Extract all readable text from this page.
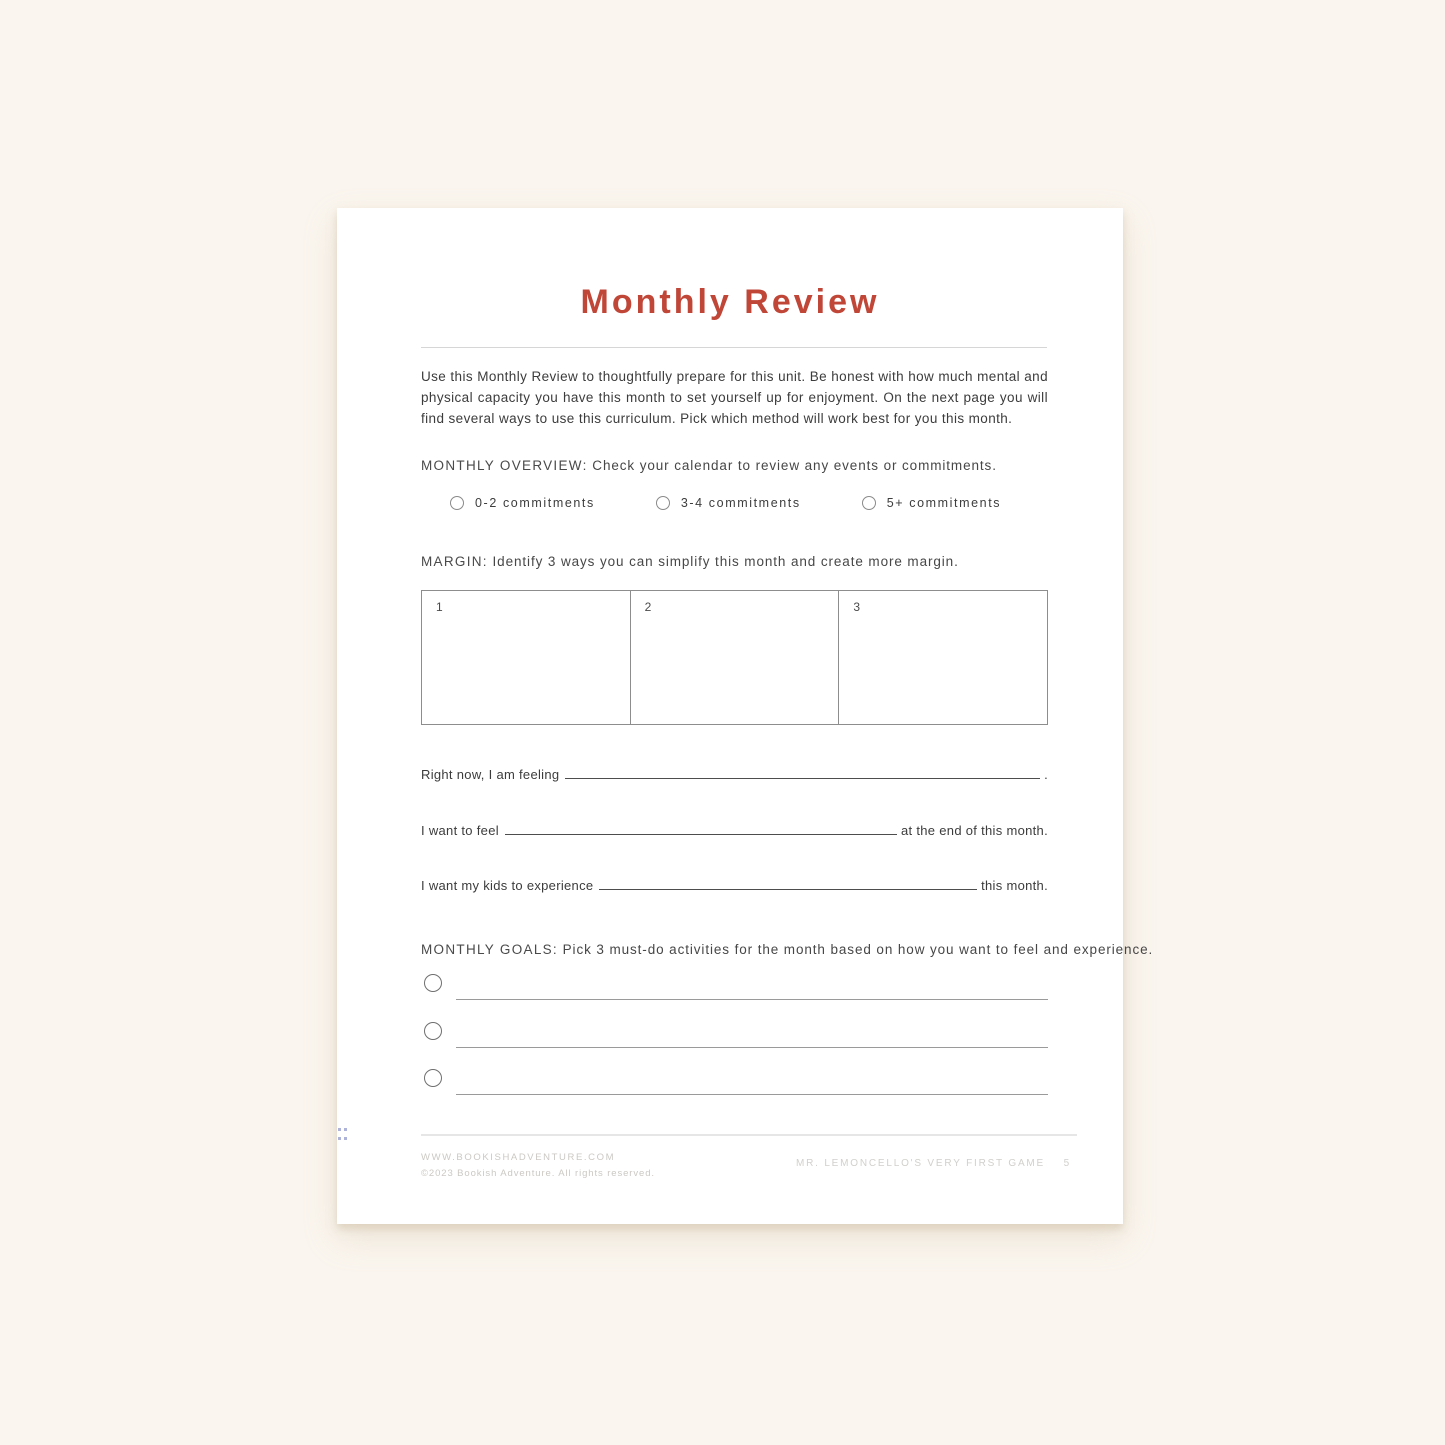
Monthly Review

Use this Monthly Review to thoughtfully prepare for this unit. Be honest with how much mental and physical capacity you have this month to set yourself up for enjoyment. On the next page you will find several ways to use this curriculum. Pick which method will work best for you this month.

MONTHLY OVERVIEW: Check your calendar to review any events or commitments.
0-2 commitments	3-4 commitments	5+ commitments
MARGIN: Identify 3 ways you can simplify this month and create more margin.
1	2	3
Right now, I am feeling	.
I want to feel	at the end of this month.
I want my kids to experience	this month.
MONTHLY GOALS: Pick 3 must-do activities for the month based on how you want to feel and experience.
WWW.BOOKISHADVENTURE.COM
©2023 Bookish Adventure. All rights reserved.
MR. LEMONCELLO'S VERY FIRST GAME 5
